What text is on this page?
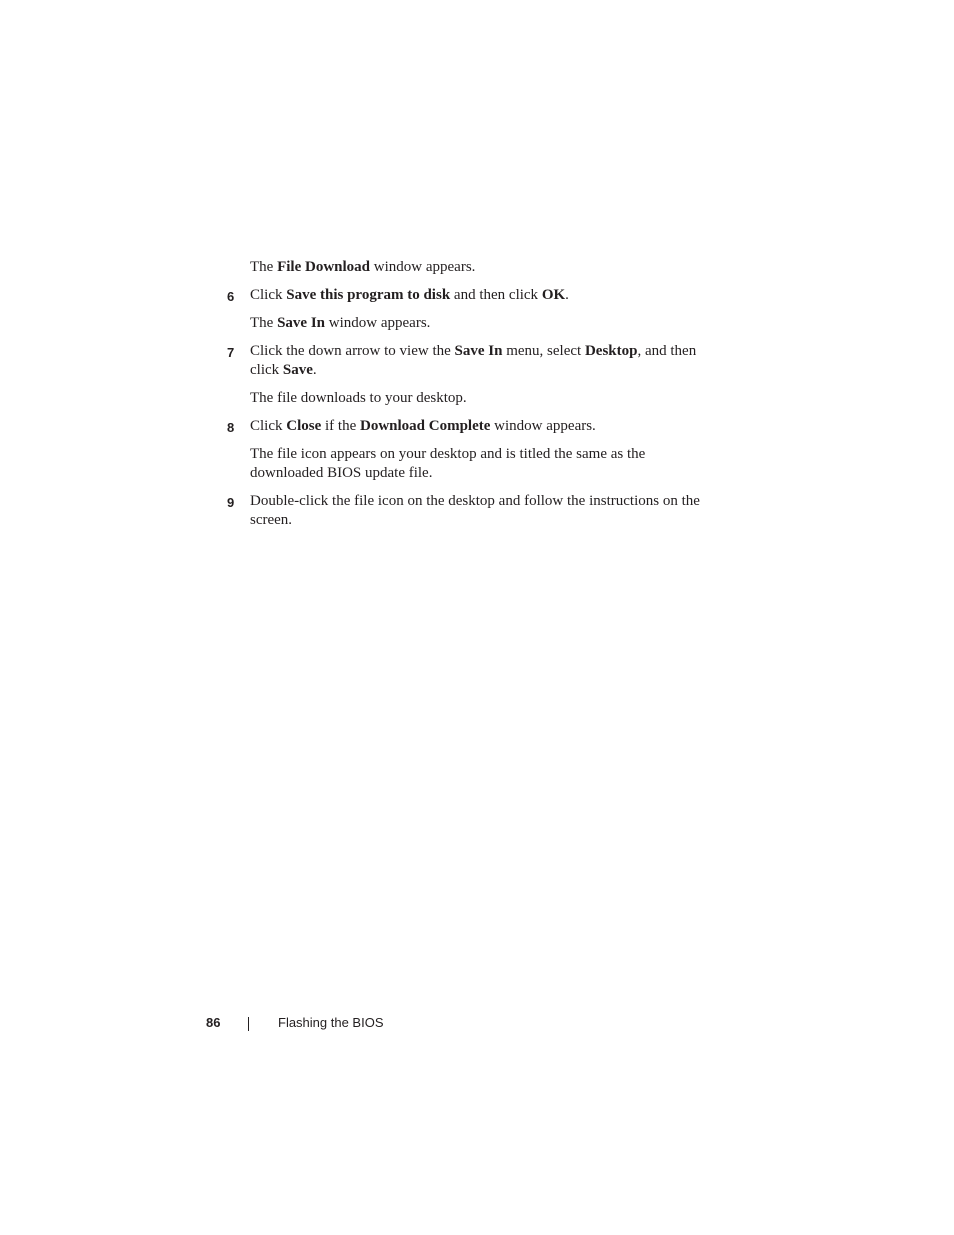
The File Download window appears.

6 Click Save this program to disk and then click OK.

The Save In window appears.

7 Click the down arrow to view the Save In menu, select Desktop, and then click Save.

The file downloads to your desktop.

8 Click Close if the Download Complete window appears.

The file icon appears on your desktop and is titled the same as the downloaded BIOS update file.

9 Double-click the file icon on the desktop and follow the instructions on the screen.
86	Flashing the BIOS
